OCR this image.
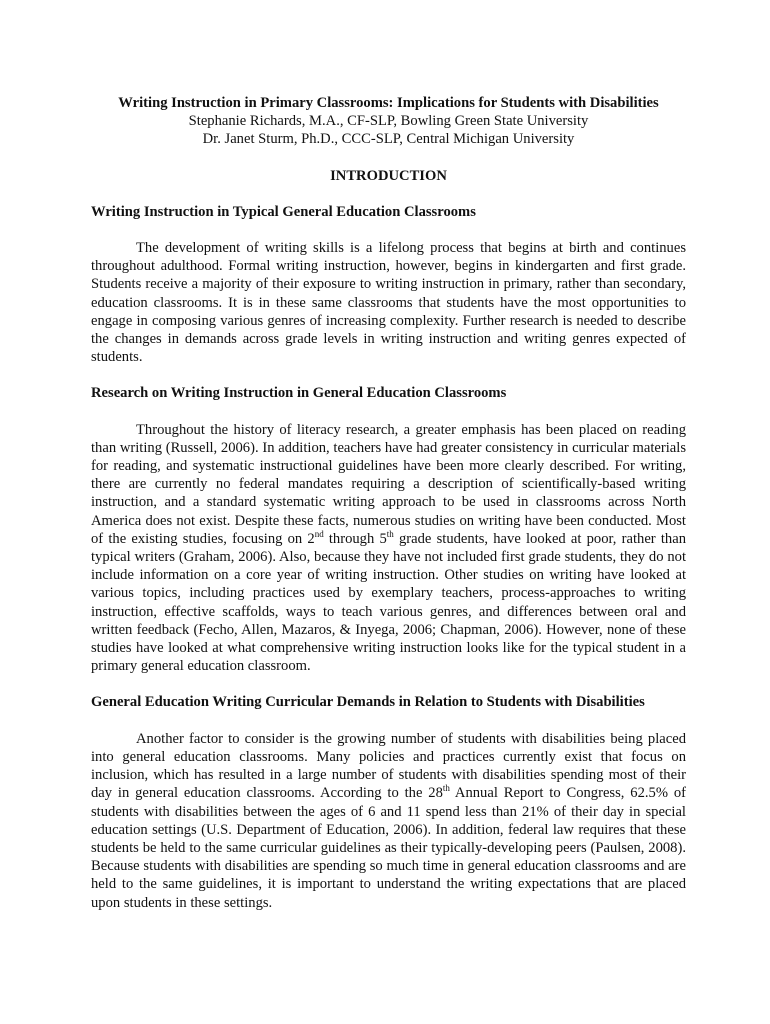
Writing Instruction in Primary Classrooms: Implications for Students with Disabilities
Stephanie Richards, M.A., CF-SLP, Bowling Green State University
Dr. Janet Sturm, Ph.D., CCC-SLP, Central Michigan University
INTRODUCTION
Writing Instruction in Typical General Education Classrooms

The development of writing skills is a lifelong process that begins at birth and continues throughout adulthood. Formal writing instruction, however, begins in kindergarten and first grade. Students receive a majority of their exposure to writing instruction in primary, rather than secondary, education classrooms. It is in these same classrooms that students have the most opportunities to engage in composing various genres of increasing complexity. Further research is needed to describe the changes in demands across grade levels in writing instruction and writing genres expected of students.

Research on Writing Instruction in General Education Classrooms

Throughout the history of literacy research, a greater emphasis has been placed on reading than writing (Russell, 2006). In addition, teachers have had greater consistency in curricular materials for reading, and systematic instructional guidelines have been more clearly described. For writing, there are currently no federal mandates requiring a description of scientifically-based writing instruction, and a standard systematic writing approach to be used in classrooms across North America does not exist. Despite these facts, numerous studies on writing have been conducted. Most of the existing studies, focusing on 2nd through 5th grade students, have looked at poor, rather than typical writers (Graham, 2006). Also, because they have not included first grade students, they do not include information on a core year of writing instruction. Other studies on writing have looked at various topics, including practices used by exemplary teachers, process-approaches to writing instruction, effective scaffolds, ways to teach various genres, and differences between oral and written feedback (Fecho, Allen, Mazaros, & Inyega, 2006; Chapman, 2006). However, none of these studies have looked at what comprehensive writing instruction looks like for the typical student in a primary general education classroom.

General Education Writing Curricular Demands in Relation to Students with Disabilities

Another factor to consider is the growing number of students with disabilities being placed into general education classrooms. Many policies and practices currently exist that focus on inclusion, which has resulted in a large number of students with disabilities spending most of their day in general education classrooms. According to the 28th Annual Report to Congress, 62.5% of students with disabilities between the ages of 6 and 11 spend less than 21% of their day in special education settings (U.S. Department of Education, 2006). In addition, federal law requires that these students be held to the same curricular guidelines as their typically-developing peers (Paulsen, 2008). Because students with disabilities are spending so much time in general education classrooms and are held to the same guidelines, it is important to understand the writing expectations that are placed upon students in these settings.
